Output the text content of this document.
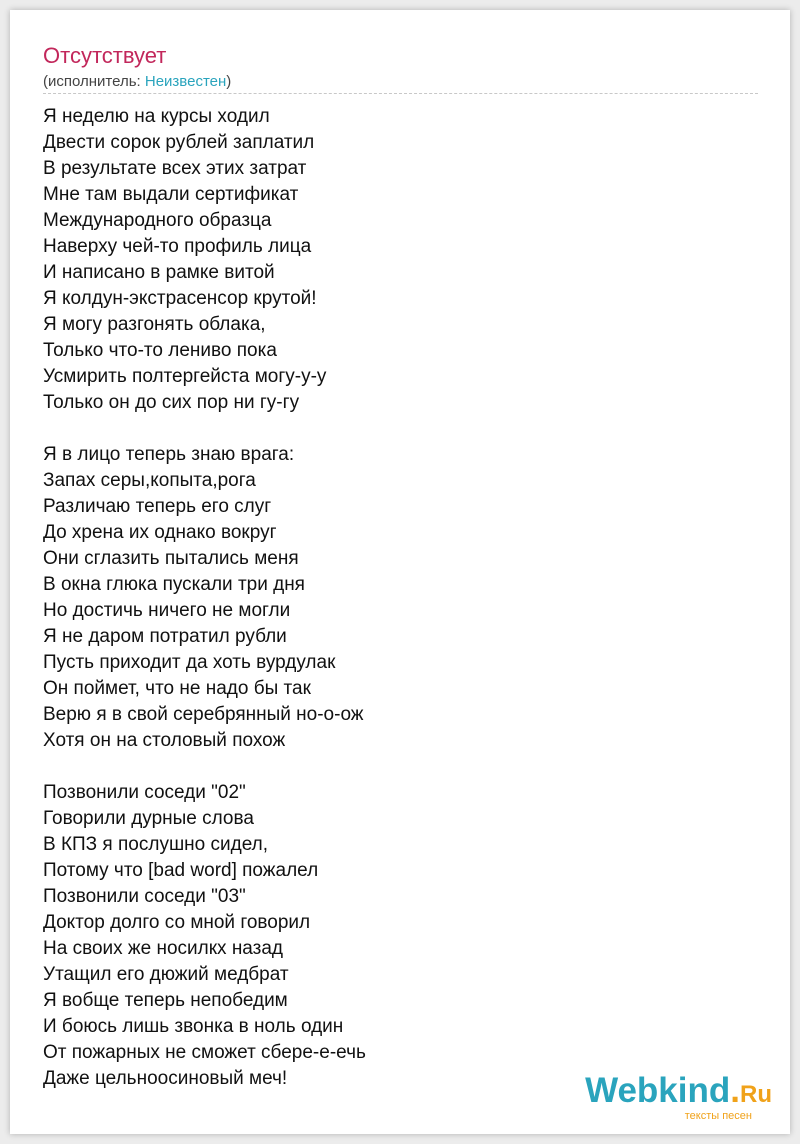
Отсутствует
(исполнитель: Неизвестен)
Я неделю на курсы ходил
Двести сорок рублей заплатил
В результате всех этих затрат
Мне там выдали сертификат
Международного образца
Наверху чей-то профиль лица
И написано в рамке витой
Я колдун-экстрасенсор крутой!
Я могу разгонять облака,
Только что-то лениво пока
Усмирить полтергейста могу-у-у
Только он до сих пор ни гу-гу
Я в лицо теперь знаю врага:
Запах серы,копыта,рога
Различаю теперь его слуг
До хрена их однако вокруг
Они сглазить пытались меня
В окна глюка пускали три дня
Но достичь ничего не могли
Я не даром потратил рубли
Пусть приходит да хоть вурдулак
Он поймет, что не надо бы так
Верю я в свой серебрянный но-о-ож
Хотя он на столовый похож
Позвонили соседи "02"
Говорили дурные слова
В КПЗ я послушно сидел,
Потому что [bad word] пожалел
Позвонили соседи "03"
Доктор долго со мной говорил
На своих же носилкх назад
Утащил его дюжий медбрат
Я вобще теперь непобедим
И боюсь лишь звонка в ноль один
От пожарных не сможет сбере-е-ечь
Даже цельноосиновый меч!	Webkind.Ru
тексты песен
